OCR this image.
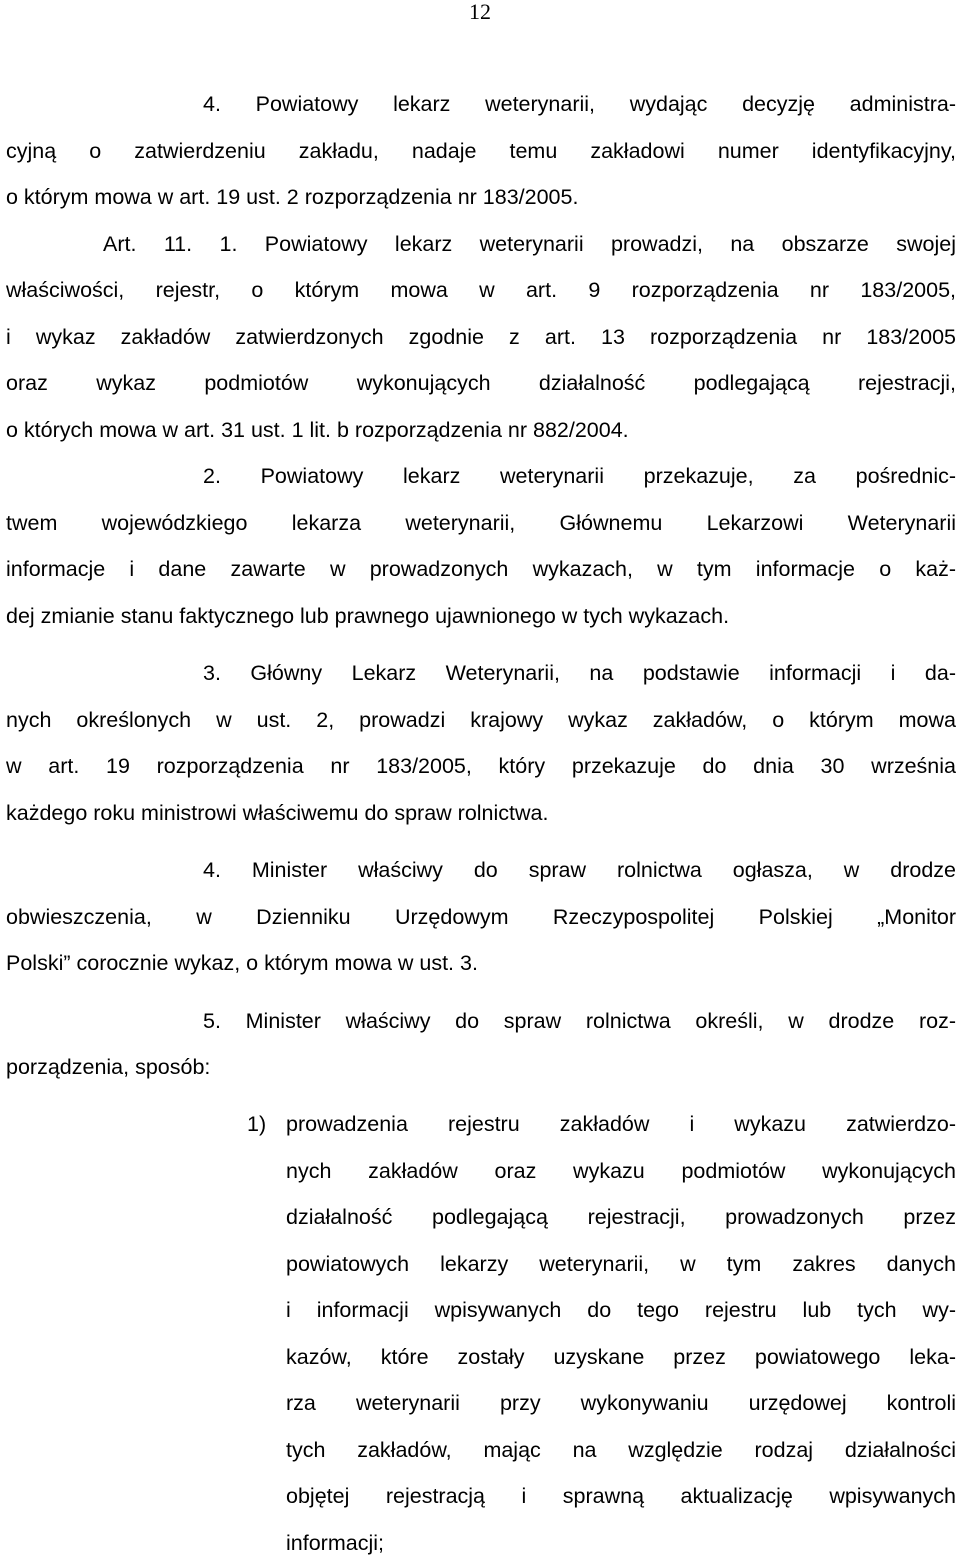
12
4. Powiatowy lekarz weterynarii, wydając decyzję administra-
cyjną o zatwierdzeniu zakładu, nadaje temu zakładowi numer identyfikacyjny,
o którym mowa w art. 19 ust. 2 rozporządzenia nr 183/2005.
Art. 11. 1. Powiatowy lekarz weterynarii prowadzi, na obszarze swojej
właściwości, rejestr, o którym mowa w art. 9 rozporządzenia nr 183/2005,
i wykaz zakładów zatwierdzonych zgodnie z art. 13 rozporządzenia nr 183/2005
oraz wykaz podmiotów wykonujących działalność podlegającą rejestracji,
o których mowa w art. 31 ust. 1 lit. b rozporządzenia nr 882/2004.
2. Powiatowy lekarz weterynarii przekazuje, za pośrednic-
twem wojewódzkiego lekarza weterynarii, Głównemu Lekarzowi Weterynarii
informacje i dane zawarte w prowadzonych wykazach, w tym informacje o każ-
dej zmianie stanu faktycznego lub prawnego ujawnionego w tych wykazach.
3. Główny Lekarz Weterynarii, na podstawie informacji i da-
nych określonych w ust. 2, prowadzi krajowy wykaz zakładów, o którym mowa
w art. 19 rozporządzenia nr 183/2005, który przekazuje do dnia 30 września
każdego roku ministrowi właściwemu do spraw rolnictwa.
4. Minister właściwy do spraw rolnictwa ogłasza, w drodze
obwieszczenia, w Dzienniku Urzędowym Rzeczypospolitej Polskiej „Monitor
Polski” corocznie wykaz, o którym mowa w ust. 3.
5. Minister właściwy do spraw rolnictwa określi, w drodze roz-
porządzenia, sposób:
1) prowadzenia rejestru zakładów i wykazu zatwierdzo-
nych zakładów oraz wykazu podmiotów wykonujących
działalność podlegającą rejestracji, prowadzonych przez
powiatowych lekarzy weterynarii, w tym zakres danych
i informacji wpisywanych do tego rejestru lub tych wy-
kazów, które zostały uzyskane przez powiatowego leka-
rza weterynarii przy wykonywaniu urzędowej kontroli
tych zakładów, mając na względzie rodzaj działalności
objętej rejestracją i sprawną aktualizację wpisywanych
informacji;
